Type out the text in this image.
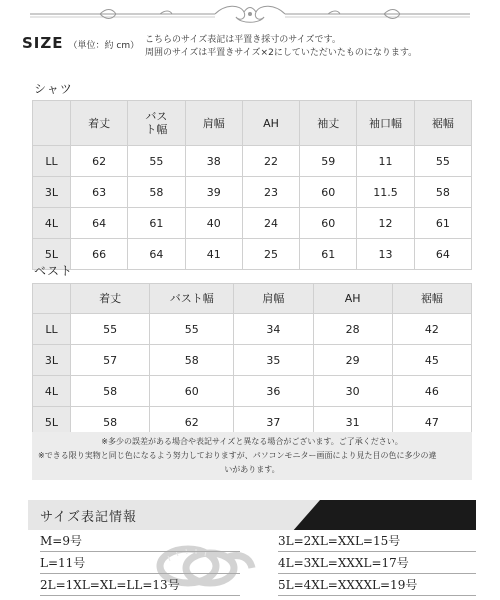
SIZE （単位：約 cm）
こちらのサイズ表記は平置き採寸のサイズです。
周囲のサイズは平置きサイズ×2にしていただいたものになります。
シャツ
	着丈	バスト幅	肩幅	AH	袖丈	袖口幅	裾幅
LL	62	55	38	22	59	11	55
3L	63	58	39	23	60	11.5	58
4L	64	61	40	24	60	12	61
5L	66	64	41	25	61	13	64
ベスト
	着丈	バスト幅	肩幅	AH	裾幅
LL	55	55	34	28	42
3L	57	58	35	29	45
4L	58	60	36	30	46
5L	58	62	37	31	47

※多少の誤差がある場合や表記サイズと異なる場合がございます。ご了承ください。

※できる限り実物と同じ色になるよう努力しておりますが、パソコンモニター画面により見た目の色に多少の違

いがあります。

サイズ表記情報
M=9号
L=11号
2L=1XL=XL=LL=13号
3L=2XL=XXL=15号
4L=3XL=XXXL=17号
5L=4XL=XXXXL=19号
